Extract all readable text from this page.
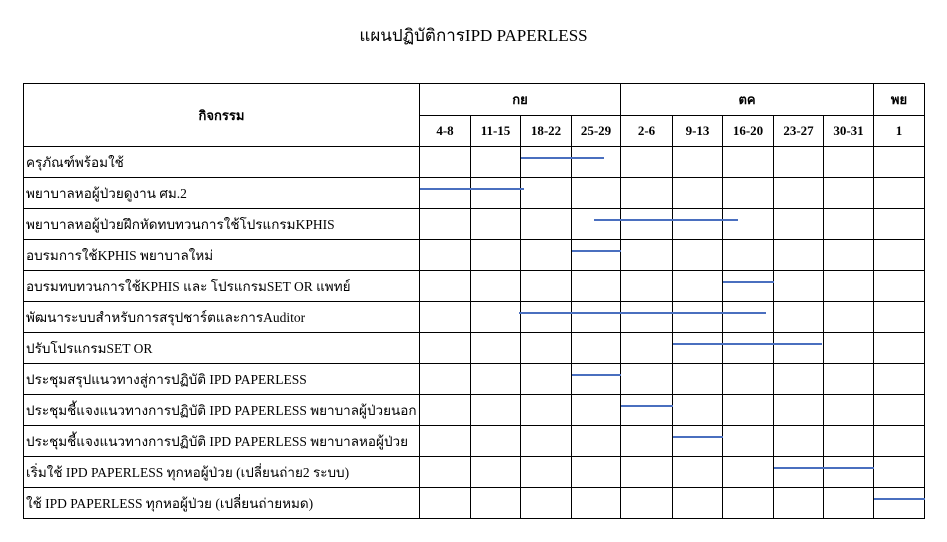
แผนปฏิบัติการIPD PAPERLESS
กิจกรรม	กย				ตค					พย
	4-8	11-15	18-22	25-29	2-6	9-13	16-20	23-27	30-31	1
ครุภัณฑ์พร้อมใช้	

พยาบาลหอผู้ป่วยดูงาน ศม.2	

พยาบาลหอผู้ป่วยฝึกหัดทบทวนการใช้โปรแกรมKPHIS	

อบรมการใช้KPHIS พยาบาลใหม่	

อบรมทบทวนการใช้KPHIS และ โปรแกรมSET OR แพทย์	

พัฒนาระบบสำหรับการสรุปชาร์ตและการAuditor	

ปรับโปรแกรมSET OR	

ประชุมสรุปแนวทางสู่การปฏิบัติ IPD PAPERLESS	

ประชุมชี้แจงแนวทางการปฏิบัติ IPD PAPERLESS พยาบาลผู้ป่วยนอก	

ประชุมชี้แจงแนวทางการปฏิบัติ IPD PAPERLESS พยาบาลหอผู้ป่วย	

เริ่มใช้ IPD PAPERLESS ทุกหอผู้ป่วย (เปลี่ยนถ่าย2 ระบบ)	

ใช้ IPD PAPERLESS ทุกหอผู้ป่วย (เปลี่ยนถ่ายหมด)	
